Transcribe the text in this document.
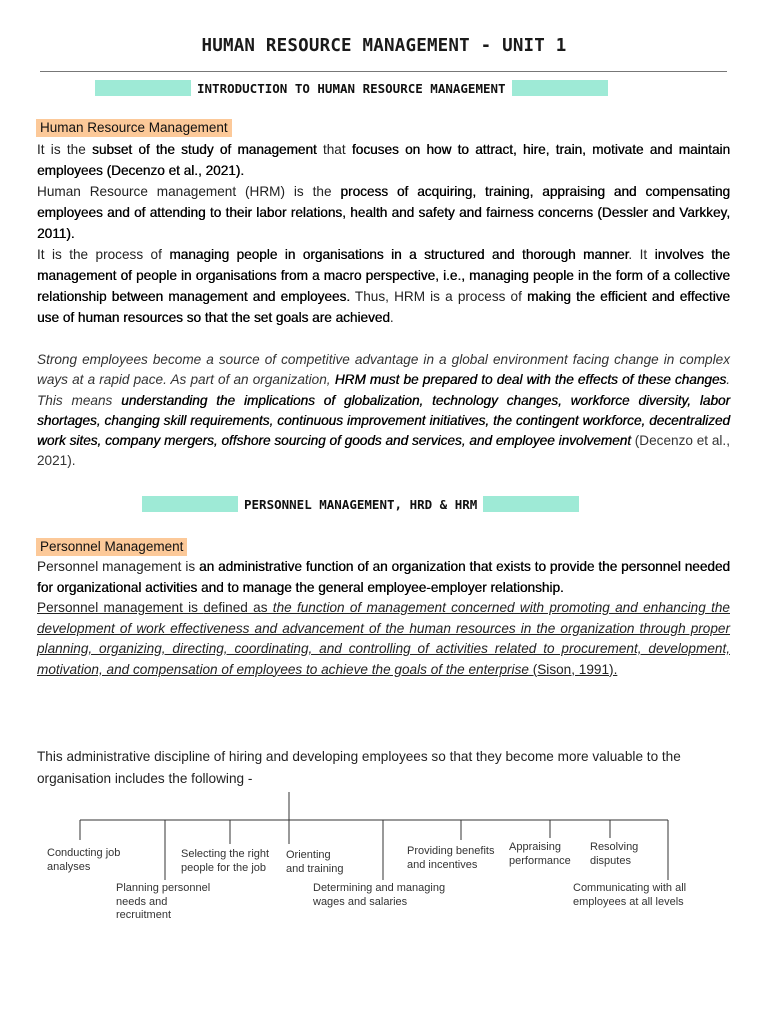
HUMAN RESOURCE MANAGEMENT - UNIT 1
INTRODUCTION TO HUMAN RESOURCE MANAGEMENT
Human Resource Management
It is the subset of the study of management that focuses on how to attract, hire, train, motivate and maintain employees (Decenzo et al., 2021).
Human Resource management (HRM) is the process of acquiring, training, appraising and compensating employees and of attending to their labor relations, health and safety and fairness concerns (Dessler and Varkkey, 2011).
It is the process of managing people in organisations in a structured and thorough manner. It involves the management of people in organisations from a macro perspective, i.e., managing people in the form of a collective relationship between management and employees. Thus, HRM is a process of making the efficient and effective use of human resources so that the set goals are achieved.
Strong employees become a source of competitive advantage in a global environment facing change in complex ways at a rapid pace. As part of an organization, HRM must be prepared to deal with the effects of these changes. This means understanding the implications of globalization, technology changes, workforce diversity, labor shortages, changing skill requirements, continuous improvement initiatives, the contingent workforce, decentralized work sites, company mergers, offshore sourcing of goods and services, and employee involvement (Decenzo et al., 2021).
PERSONNEL MANAGEMENT, HRD & HRM
Personnel Management
Personnel management is an administrative function of an organization that exists to provide the personnel needed for organizational activities and to manage the general employee-employer relationship.
Personnel management is defined as the function of management concerned with promoting and enhancing the development of work effectiveness and advancement of the human resources in the organization through proper planning, organizing, directing, coordinating, and controlling of activities related to procurement, development, motivation, and compensation of employees to achieve the goals of the enterprise (Sison, 1991).
This administrative discipline of hiring and developing employees so that they become more valuable to the organisation includes the following -
Conducting job
analyses
Planning personnel
needs and
recruitment
Selecting the right
people for the job
Orienting
and training
Determining and managing
wages and salaries
Providing benefits
and incentives
Appraising
performance
Resolving
disputes
Communicating with all
employees at all levels
